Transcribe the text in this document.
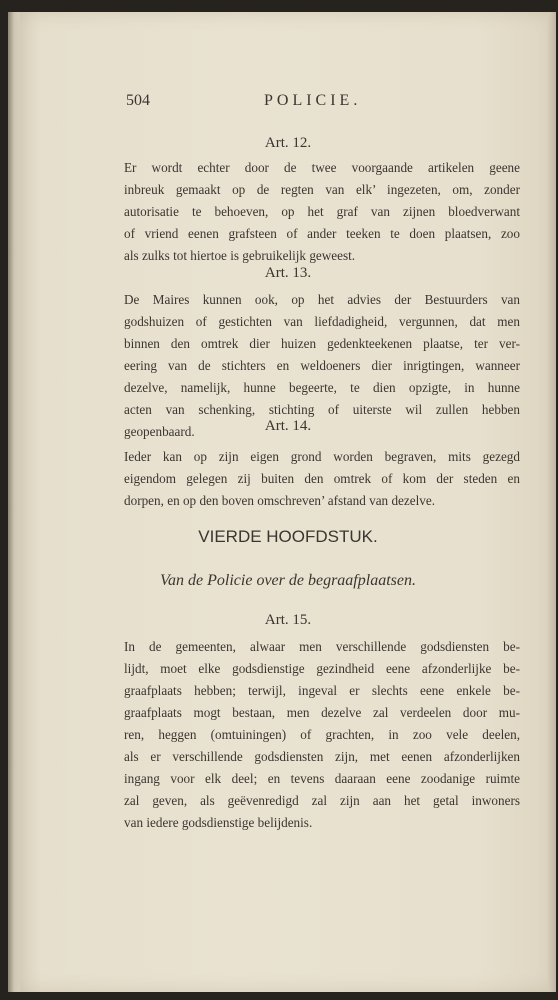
504	POLICIE.
Art. 12.
Er wordt echter door de twee voorgaande artikelen geene
inbreuk gemaakt op de regten van elk’ ingezeten, om, zonder
autorisatie te behoeven, op het graf van zijnen bloedverwant
of vriend eenen grafsteen of ander teeken te doen plaatsen, zoo
als zulks tot hiertoe is gebruikelijk geweest.
Art. 13.
De Maires kunnen ook, op het advies der Bestuurders van
godshuizen of gestichten van liefdadigheid, vergunnen, dat men
binnen den omtrek dier huizen gedenkteekenen plaatse, ter ver-
eering van de stichters en weldoeners dier inrigtingen, wanneer
dezelve, namelijk, hunne begeerte, te dien opzigte, in hunne
acten van schenking, stichting of uiterste wil zullen hebben
geopenbaard.	Art. 14.
Ieder kan op zijn eigen grond worden begraven, mits gezegd
eigendom gelegen zij buiten den omtrek of kom der steden en
dorpen, en op den boven omschreven’ afstand van dezelve.
VIERDE HOOFDSTUK.
Van de Policie over de begraafplaatsen.
Art. 15.
In de gemeenten, alwaar men verschillende godsdiensten be-
lijdt, moet elke godsdienstige gezindheid eene afzonderlijke be-
graafplaats hebben; terwijl, ingeval er slechts eene enkele be-
graafplaats mogt bestaan, men dezelve zal verdeelen door mu-
ren, heggen (omtuiningen) of grachten, in zoo vele deelen,
als er verschillende godsdiensten zijn, met eenen afzonderlijken
ingang voor elk deel; en tevens daaraan eene zoodanige ruimte
zal geven, als geëvenredigd zal zijn aan het getal inwoners
van iedere godsdienstige belijdenis.
